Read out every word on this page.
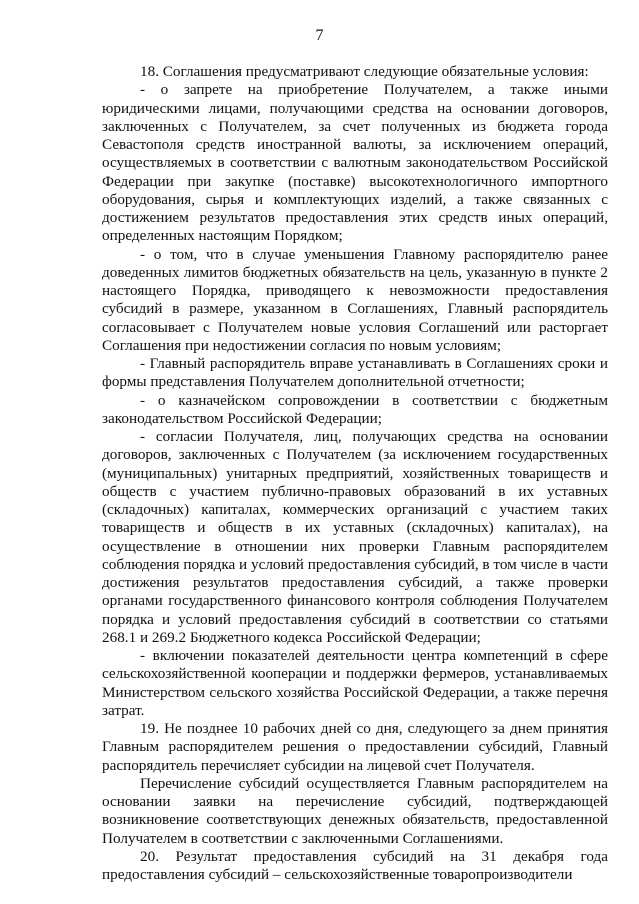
7

18. Соглашения предусматривают следующие обязательные условия:

- о запрете на приобретение Получателем, а также иными юридическими лицами, получающими средства на основании договоров, заключенных с Получателем, за счет полученных из бюджета города Севастополя средств иностранной валюты, за исключением операций, осуществляемых в соответствии с валютным законодательством Российской Федерации при закупке (поставке) высокотехнологичного импортного оборудования, сырья и комплектующих изделий, а также связанных с достижением результатов предоставления этих средств иных операций, определенных настоящим Порядком;

- о том, что в случае уменьшения Главному распорядителю ранее доведенных лимитов бюджетных обязательств на цель, указанную в пункте 2 настоящего Порядка, приводящего к невозможности предоставления субсидий в размере, указанном в Соглашениях, Главный распорядитель согласовывает с Получателем новые условия Соглашений или расторгает Соглашения при недостижении согласия по новым условиям;

- Главный распорядитель вправе устанавливать в Соглашениях сроки и формы представления Получателем дополнительной отчетности;

- о казначейском сопровождении в соответствии с бюджетным законодательством Российской Федерации;

- согласии Получателя, лиц, получающих средства на основании договоров, заключенных с Получателем (за исключением государственных (муниципальных) унитарных предприятий, хозяйственных товариществ и обществ с участием публично-правовых образований в их уставных (складочных) капиталах, коммерческих организаций с участием таких товариществ и обществ в их уставных (складочных) капиталах), на осуществление в отношении них проверки Главным распорядителем соблюдения порядка и условий предоставления субсидий, в том числе в части достижения результатов предоставления субсидий, а также проверки органами государственного финансового контроля соблюдения Получателем порядка и условий предоставления субсидий в соответствии со статьями 268.1 и 269.2 Бюджетного кодекса Российской Федерации;

- включении показателей деятельности центра компетенций в сфере сельскохозяйственной кооперации и поддержки фермеров, устанавливаемых Министерством сельского хозяйства Российской Федерации, а также перечня затрат.

19. Не позднее 10 рабочих дней со дня, следующего за днем принятия Главным распорядителем решения о предоставлении субсидий, Главный распорядитель перечисляет субсидии на лицевой счет Получателя.

Перечисление субсидий осуществляется Главным распорядителем на основании заявки на перечисление субсидий, подтверждающей возникновение соответствующих денежных обязательств, предоставленной Получателем в соответствии с заключенными Соглашениями.

20. Результат предоставления субсидий на 31 декабря года предоставления субсидий – сельскохозяйственные товаропроизводители
